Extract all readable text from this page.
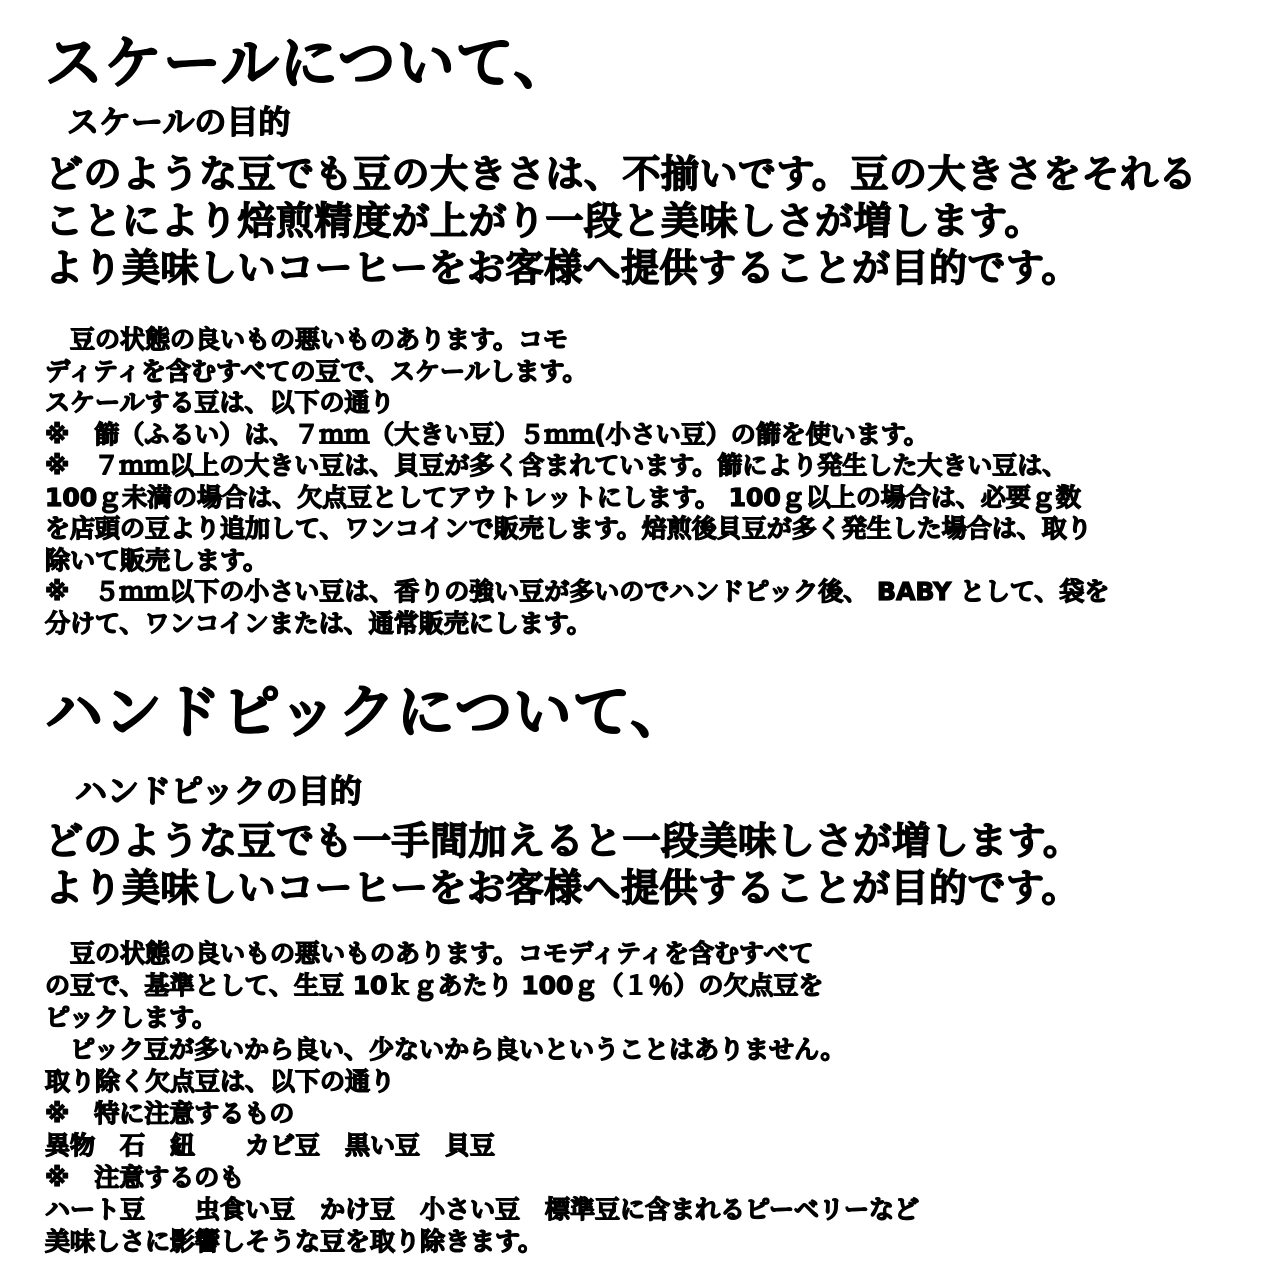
スケールについて、
スケールの目的
どのような豆でも豆の大きさは、不揃いです。豆の大きさをそれる
ことにより焙煎精度が上がり一段と美味しさが増します。
より美味しいコーヒーをお客様へ提供することが目的です。
　豆の状態の良いもの悪いものあります。コモ
ディティを含むすべての豆で、スケールします。
スケールする豆は、以下の通り
※　篩（ふるい）は、７ｍｍ（大きい豆）５ｍｍ(小さい豆）の篩を使います。
※　７ｍｍ以上の大きい豆は、貝豆が多く含まれています。篩により発生した大きい豆は、
100ｇ未満の場合は、欠点豆としてアウトレットにします。 100ｇ以上の場合は、必要ｇ数
を店頭の豆より追加して、ワンコインで販売します。焙煎後貝豆が多く発生した場合は、取り
除いて販売します。
※　５ｍｍ以下の小さい豆は、香りの強い豆が多いのでハンドピック後、 BABY として、袋を
分けて、ワンコインまたは、通常販売にします。
ハンドピックについて、
ハンドピックの目的
どのような豆でも一手間加えると一段美味しさが増します。
より美味しいコーヒーをお客様へ提供することが目的です。
　豆の状態の良いもの悪いものあります。コモディティを含むすべて
の豆で、基準として、生豆 10ｋｇあたり 100ｇ（１％）の欠点豆を
ピックします。
　ピック豆が多いから良い、少ないから良いということはありません。
取り除く欠点豆は、以下の通り
※　特に注意するもの
異物　石　紐　　カビ豆　黒い豆　貝豆
※　注意するのも
ハート豆　　虫食い豆　かけ豆　小さい豆　標準豆に含まれるピーベリーなど
美味しさに影響しそうな豆を取り除きます。
